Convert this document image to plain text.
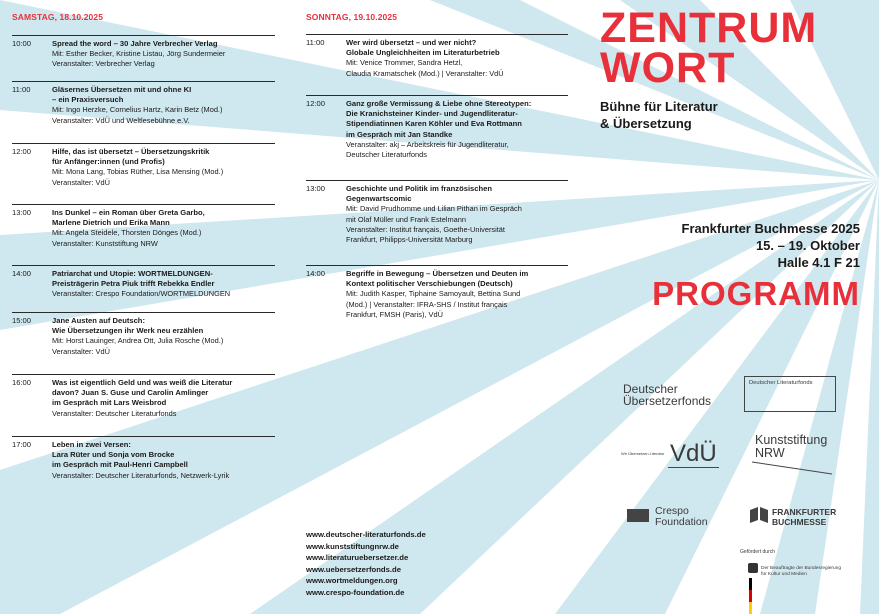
SAMSTAG, 18.10.2025
10:00	Spread the word – 30 Jahre Verbrecher Verlag
Mit: Esther Becker, Kristine Listau, Jörg Sundermeier
Veranstalter: Verbrecher Verlag
11:00	Gläsernes Übersetzen mit und ohne KI
– ein Praxisversuch
Mit: Ingo Herzke, Cornelius Hartz, Karin Betz (Mod.)
Veranstalter: VdÜ und Weltlesebühne e.V.
12:00	Hilfe, das ist übersetzt – Übersetzungskritik
für Anfänger:innen (und Profis)
Mit: Mona Lang, Tobias Rüther, Lisa Mensing (Mod.)
Veranstalter: VdÜ
13:00	Ins Dunkel – ein Roman über Greta Garbo,
Marlene Dietrich und Erika Mann
Mit: Angela Steidele, Thorsten Dönges (Mod.)
Veranstalter: Kunststiftung NRW
14:00	Patriarchat und Utopie: WORTMELDUNGEN-
Preisträgerin Petra Piuk trifft Rebekka Endler
Veranstalter: Crespo Foundation/WORTMELDUNGEN
15:00	Jane Austen auf Deutsch:
Wie Übersetzungen ihr Werk neu erzählen
Mit: Horst Lauinger, Andrea Ott, Julia Rosche (Mod.)
Veranstalter: VdÜ
16:00	Was ist eigentlich Geld und was weiß die Literatur
davon? Juan S. Guse und Carolin Amlinger
im Gespräch mit Lars Weisbrod
Veranstalter: Deutscher Literaturfonds
17:00	Leben in zwei Versen:
Lara Rüter und Sonja vom Brocke
im Gespräch mit Paul-Henri Campbell
Veranstalter: Deutscher Literaturfonds, Netzwerk-Lyrik
SONNTAG, 19.10.2025
11:00	Wer wird übersetzt – und wer nicht?
Globale Ungleichheiten im Literaturbetrieb
Mit: Venice Trommer, Sandra Hetzl,
Claudia Kramatschek (Mod.) | Veranstalter: VdÜ
12:00	Ganz große Vermissung & Liebe ohne Stereotypen:
Die Kranichsteiner Kinder- und Jugendliteratur-
Stipendiatinnen Karen Köhler und Eva Rottmann
im Gespräch mit Jan Standke
Veranstalter: akj – Arbeitskreis für Jugendliteratur,
Deutscher Literaturfonds
13:00	Geschichte und Politik im französischen
Gegenwartscomic
Mit: David Prudhomme und Lilian Pithan im Gespräch
mit Olaf Müller und Frank Estelmann
Veranstalter: Institut français, Goethe-Universität
Frankfurt, Philipps-Universität Marburg
14:00	Begriffe in Bewegung – Übersetzen und Deuten im
Kontext politischer Verschiebungen (Deutsch)
Mit: Judith Kasper, Tiphaine Samoyault, Bettina Sund
(Mod.) | Veranstalter: IFRA-SHS / Institut français
Frankfurt, FMSH (Paris), VdÜ
www.deutscher-literaturfonds.de
www.kunststiftungnrw.de
www.literaturuebersetzer.de
www.uebersetzerfonds.de
www.wortmeldungen.org
www.crespo-foundation.de
ZENTRUM
WORT
Bühne für Literatur
& Übersetzung
Frankfurter Buchmesse 2025
15. – 19. Oktober
Halle 4.1 F 21
PROGRAMM
Deutscher
Übersetzerfonds
Deutscher Literaturfonds
Wir Übersetzen Literatur VdÜ	Kunststiftung
NRW
Crespo
Foundation
FRANKFURTER
BUCHMESSE
Gefördert durch
Der Beauftragte der Bundesregierung
für Kultur und Medien
